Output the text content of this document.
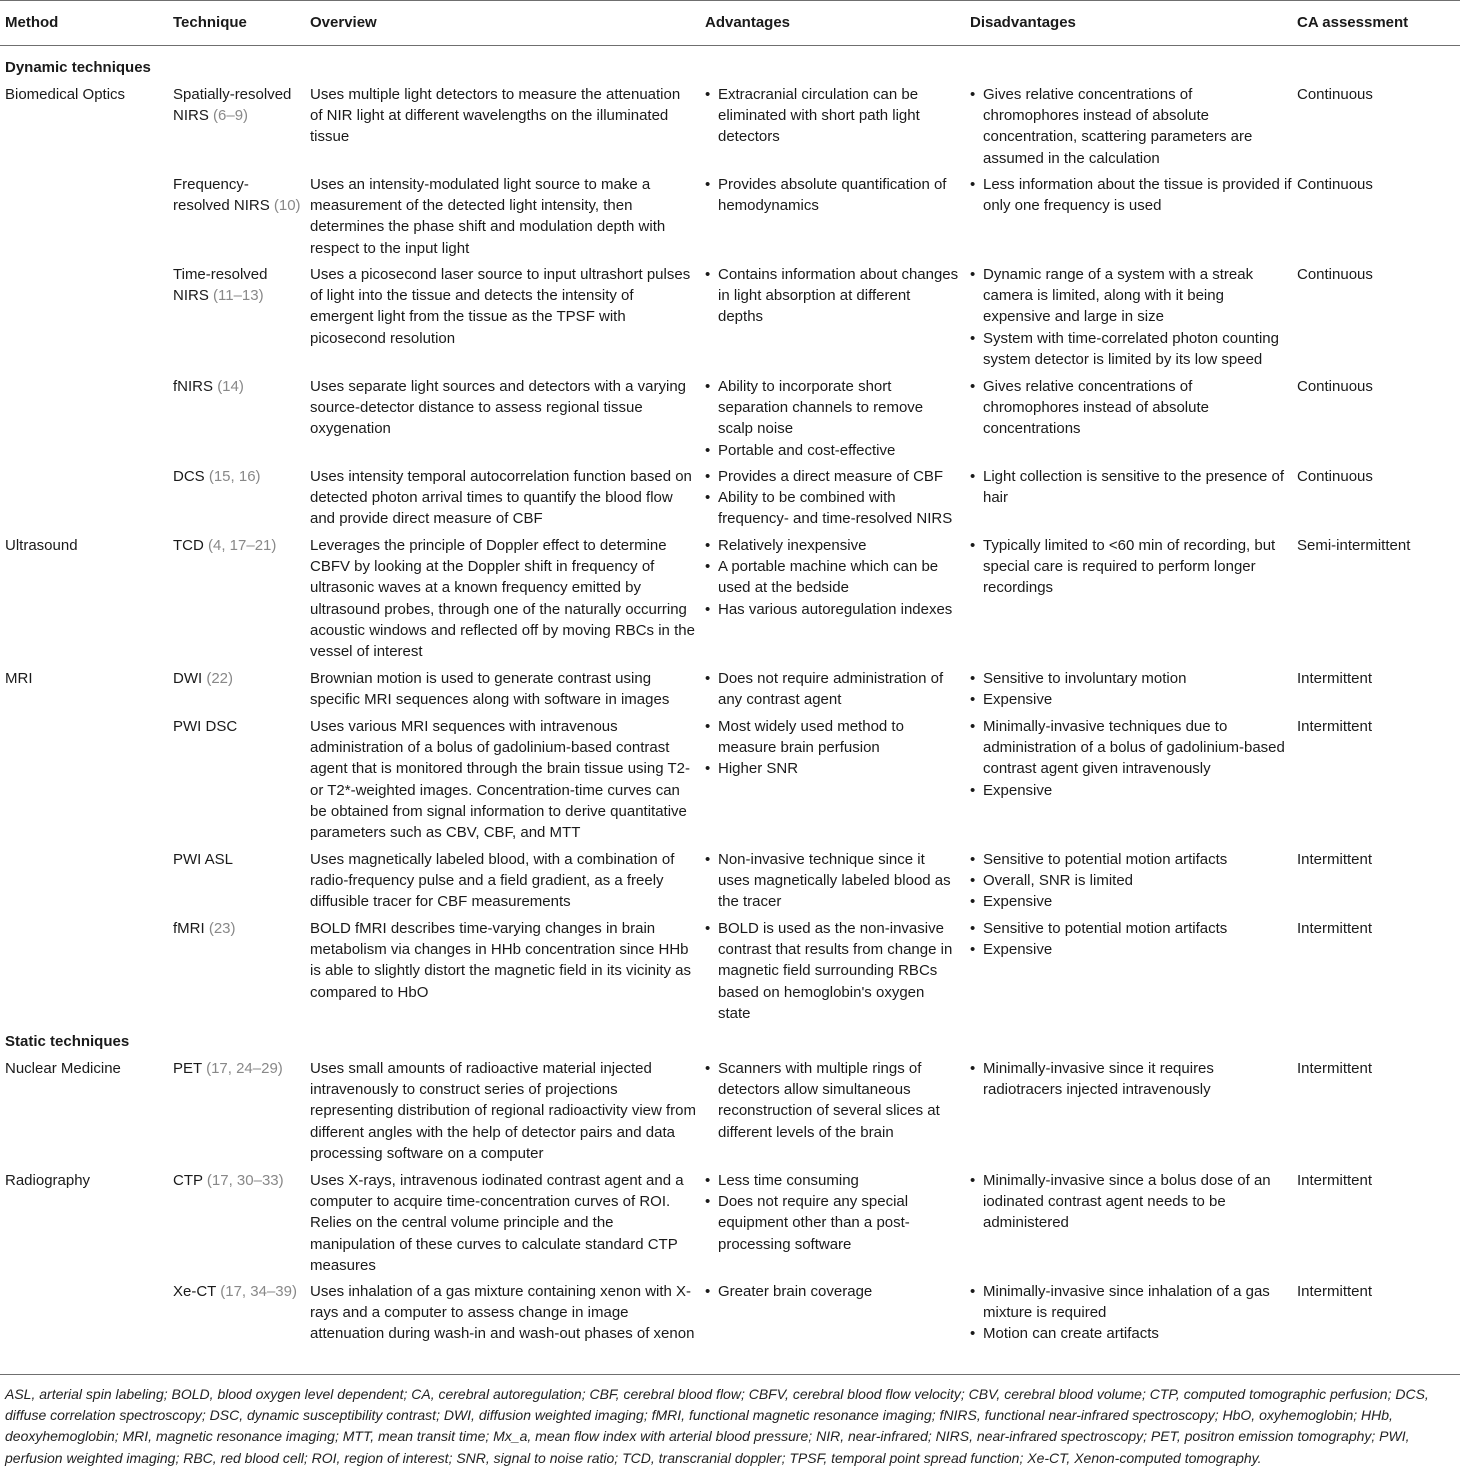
Method	Technique	Overview	Advantages	Disadvantages	CA assessment
Dynamic techniques
Biomedical Optics	Spatially-resolved NIRS (6–9)
Uses multiple light detectors to measure the attenuation of NIR light at different wavelengths on the illuminated tissue
• Extracranial circulation can be eliminated with short path light detectors
• Gives relative concentrations of chromophores instead of absolute concentration, scattering parameters are assumed in the calculation
Continuous
Frequency-resolved NIRS (10)
Uses an intensity-modulated light source to make a measurement of the detected light intensity, then determines the phase shift and modulation depth with respect to the input light
• Provides absolute quantification of hemodynamics
• Less information about the tissue is provided if only one frequency is used
Continuous
Time-resolved NIRS (11–13)
Uses a picosecond laser source to input ultrashort pulses of light into the tissue and detects the intensity of emergent light from the tissue as the TPSF with picosecond resolution
• Contains information about changes in light absorption at different depths
• Dynamic range of a system with a streak camera is limited, along with it being expensive and large in size
• System with time-correlated photon counting system detector is limited by its low speed
Continuous
fNIRS (14)	Uses separate light sources and detectors with a varying source-detector distance to assess regional tissue oxygenation
• Ability to incorporate short separation channels to remove scalp noise
• Portable and cost-effective
• Gives relative concentrations of chromophores instead of absolute concentrations
Continuous
DCS (15, 16)	Uses intensity temporal autocorrelation function based on detected photon arrival times to quantify the blood flow and provide direct measure of CBF
• Provides a direct measure of CBF
• Ability to be combined with frequency- and time-resolved NIRS
• Light collection is sensitive to the presence of hair
Continuous
Ultrasound	TCD (4, 17–21)	Leverages the principle of Doppler effect to determine CBFV by looking at the Doppler shift in frequency of ultrasonic waves at a known frequency emitted by ultrasound probes, through one of the naturally occurring acoustic windows and reflected off by moving RBCs in the vessel of interest
• Relatively inexpensive
• A portable machine which can be used at the bedside
• Has various autoregulation indexes
• Typically limited to <60 min of recording, but special care is required to perform longer recordings
Semi-intermittent
MRI	DWI (22)	Brownian motion is used to generate contrast using specific MRI sequences along with software in images
• Does not require administration of any contrast agent
• Sensitive to involuntary motion
• Expensive
Intermittent
PWI DSC	Uses various MRI sequences with intravenous administration of a bolus of gadolinium-based contrast agent that is monitored through the brain tissue using T2- or T2*-weighted images. Concentration-time curves can be obtained from signal information to derive quantitative parameters such as CBV, CBF, and MTT
• Most widely used method to measure brain perfusion
• Higher SNR
• Minimally-invasive techniques due to administration of a bolus of gadolinium-based contrast agent given intravenously
• Expensive
Intermittent
PWI ASL	Uses magnetically labeled blood, with a combination of radio-frequency pulse and a field gradient, as a freely diffusible tracer for CBF measurements
• Non-invasive technique since it uses magnetically labeled blood as the tracer
• Sensitive to potential motion artifacts
• Overall, SNR is limited
• Expensive
Intermittent
fMRI (23)	BOLD fMRI describes time-varying changes in brain metabolism via changes in HHb concentration since HHb is able to slightly distort the magnetic field in its vicinity as compared to HbO
• BOLD is used as the non-invasive contrast that results from change in magnetic field surrounding RBCs based on hemoglobin's oxygen state
• Sensitive to potential motion artifacts
• Expensive
Intermittent
Static techniques
Nuclear Medicine	PET (17, 24–29)	Uses small amounts of radioactive material injected intravenously to construct series of projections representing distribution of regional radioactivity view from different angles with the help of detector pairs and data processing software on a computer
• Scanners with multiple rings of detectors allow simultaneous reconstruction of several slices at different levels of the brain
• Minimally-invasive since it requires radiotracers injected intravenously
Intermittent
Radiography	CTP (17, 30–33)	Uses X-rays, intravenous iodinated contrast agent and a computer to acquire time-concentration curves of ROI. Relies on the central volume principle and the manipulation of these curves to calculate standard CTP measures
• Less time consuming
• Does not require any special equipment other than a post-processing software
• Minimally-invasive since a bolus dose of an iodinated contrast agent needs to be administered
Intermittent
Xe-CT (17, 34–39) Uses inhalation of a gas mixture containing xenon with X-rays and a computer to assess change in image attenuation during wash-in and wash-out phases of xenon
• Greater brain coverage
•	Minimally-invasive since inhalation of a gas mixture is required
• Motion can create artifacts
Intermittent
ASL, arterial spin labeling; BOLD, blood oxygen level dependent; CA, cerebral autoregulation; CBF, cerebral blood flow; CBFV, cerebral blood flow velocity; CBV, cerebral blood volume; CTP, computed tomographic perfusion; DCS, diffuse correlation spectroscopy; DSC, dynamic susceptibility contrast; DWI, diffusion weighted imaging; fMRI, functional magnetic resonance imaging; fNIRS, functional near-infrared spectroscopy; HbO, oxyhemoglobin; HHb, deoxyhemoglobin; MRI, magnetic resonance imaging; MTT, mean transit time; Mx_a, mean flow index with arterial blood pressure; NIR, near-infrared; NIRS, near-infrared spectroscopy; PET, positron emission tomography; PWI, perfusion weighted imaging; RBC, red blood cell; ROI, region of interest; SNR, signal to noise ratio; TCD, transcranial doppler; TPSF, temporal point spread function; Xe-CT, Xenon-computed tomography.
